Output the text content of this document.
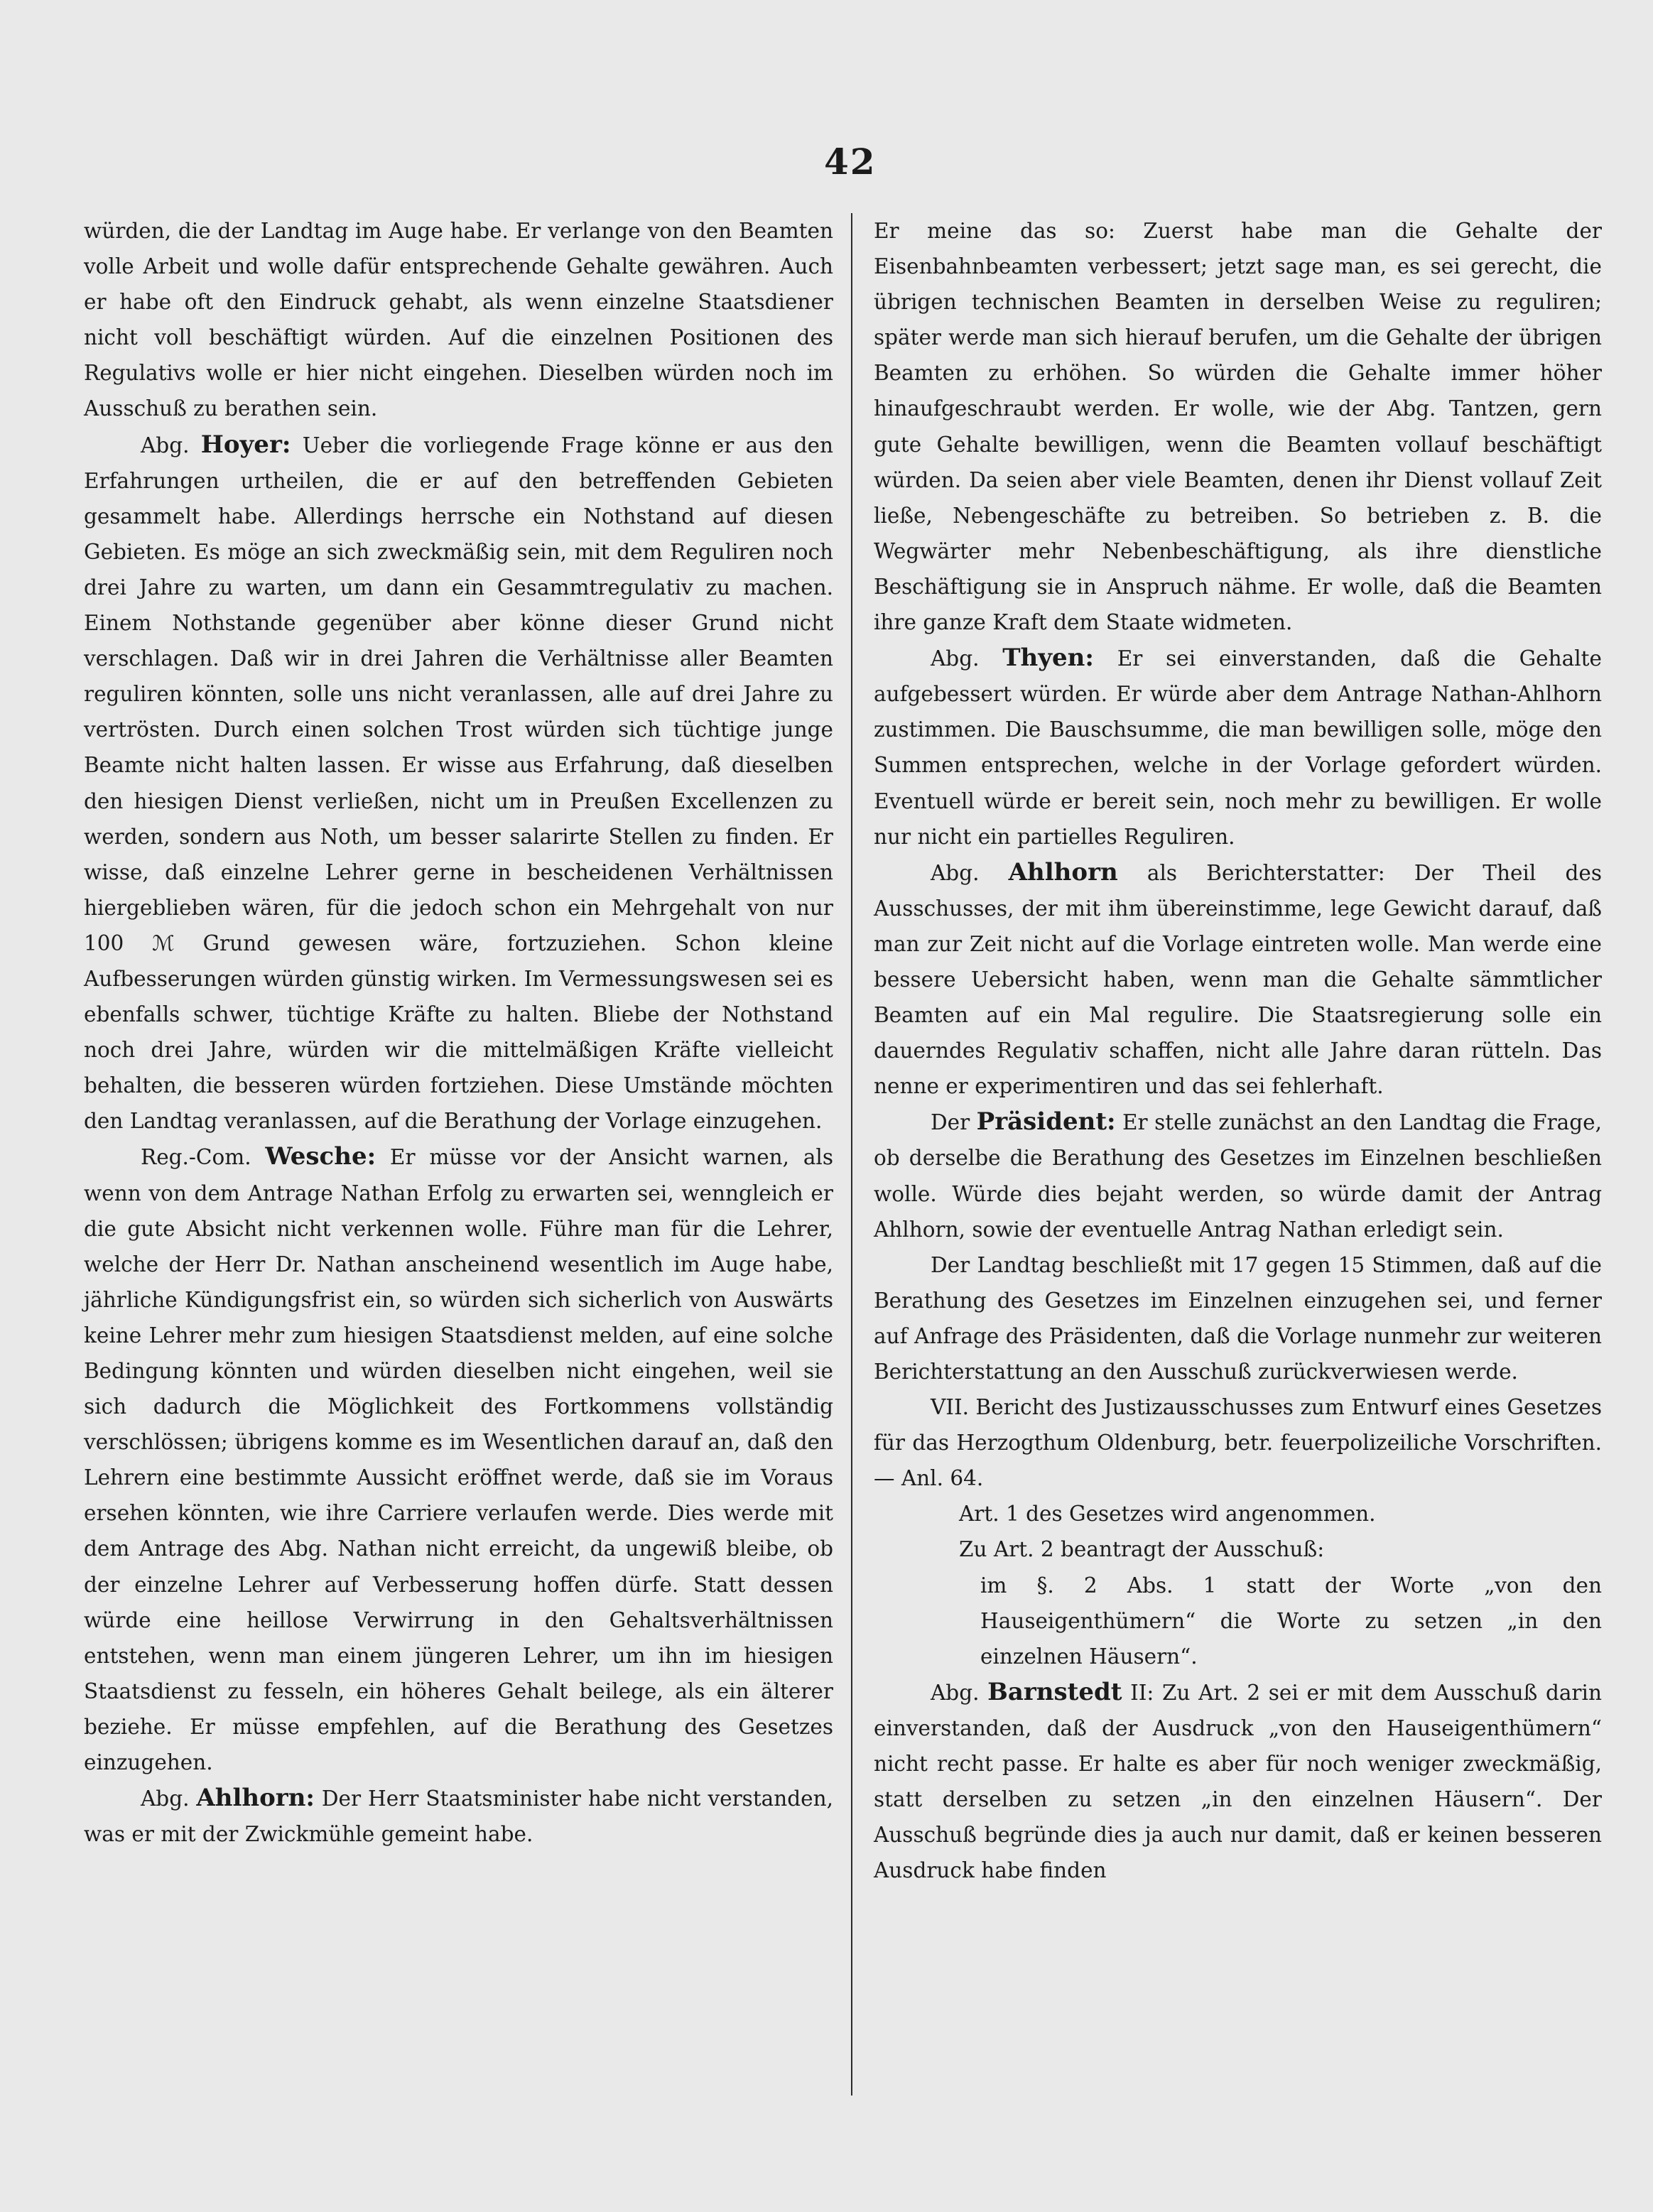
42

würden, die der Landtag im Auge habe. Er verlange von den Beamten volle Arbeit und wolle dafür entsprechende Gehalte gewähren. Auch er habe oft den Eindruck gehabt, als wenn einzelne Staatsdiener nicht voll beschäftigt würden. Auf die einzelnen Positionen des Regulativs wolle er hier nicht eingehen. Dieselben würden noch im Ausschuß zu berathen sein.

Abg. Hoyer: Ueber die vorliegende Frage könne er aus den Erfahrungen urtheilen, die er auf den betreffenden Gebieten gesammelt habe. Allerdings herrsche ein Nothstand auf diesen Gebieten. Es möge an sich zweckmäßig sein, mit dem Reguliren noch drei Jahre zu warten, um dann ein Gesammtregulativ zu machen. Einem Nothstande gegenüber aber könne dieser Grund nicht verschlagen. Daß wir in drei Jahren die Verhältnisse aller Beamten reguliren könnten, solle uns nicht veranlassen, alle auf drei Jahre zu vertrösten. Durch einen solchen Trost würden sich tüchtige junge Beamte nicht halten lassen. Er wisse aus Erfahrung, daß dieselben den hiesigen Dienst verließen, nicht um in Preußen Excellenzen zu werden, sondern aus Noth, um besser salarirte Stellen zu finden. Er wisse, daß einzelne Lehrer gerne in bescheidenen Verhältnissen hiergeblieben wären, für die jedoch schon ein Mehrgehalt von nur 100 ℳ Grund gewesen wäre, fortzuziehen. Schon kleine Aufbesserungen würden günstig wirken. Im Vermessungswesen sei es ebenfalls schwer, tüchtige Kräfte zu halten. Bliebe der Nothstand noch drei Jahre, würden wir die mittelmäßigen Kräfte vielleicht behalten, die besseren würden fortziehen. Diese Umstände möchten den Landtag veranlassen, auf die Berathung der Vorlage einzugehen.

Reg.-Com. Wesche: Er müsse vor der Ansicht warnen, als wenn von dem Antrage Nathan Erfolg zu erwarten sei, wenngleich er die gute Absicht nicht verkennen wolle. Führe man für die Lehrer, welche der Herr Dr. Nathan anscheinend wesentlich im Auge habe, jährliche Kündigungsfrist ein, so würden sich sicherlich von Auswärts keine Lehrer mehr zum hiesigen Staatsdienst melden, auf eine solche Bedingung könnten und würden dieselben nicht eingehen, weil sie sich dadurch die Möglichkeit des Fortkommens vollständig verschlössen; übrigens komme es im Wesentlichen darauf an, daß den Lehrern eine bestimmte Aussicht eröffnet werde, daß sie im Voraus ersehen könnten, wie ihre Carriere verlaufen werde. Dies werde mit dem Antrage des Abg. Nathan nicht erreicht, da ungewiß bleibe, ob der einzelne Lehrer auf Verbesserung hoffen dürfe. Statt dessen würde eine heillose Verwirrung in den Gehaltsverhältnissen entstehen, wenn man einem jüngeren Lehrer, um ihn im hiesigen Staatsdienst zu fesseln, ein höheres Gehalt beilege, als ein älterer beziehe. Er müsse empfehlen, auf die Berathung des Gesetzes einzugehen.

Abg. Ahlhorn: Der Herr Staatsminister habe nicht verstanden, was er mit der Zwickmühle gemeint habe.

Er meine das so: Zuerst habe man die Gehalte der Eisenbahnbeamten verbessert; jetzt sage man, es sei gerecht, die übrigen technischen Beamten in derselben Weise zu reguliren; später werde man sich hierauf berufen, um die Gehalte der übrigen Beamten zu erhöhen. So würden die Gehalte immer höher hinaufgeschraubt werden. Er wolle, wie der Abg. Tantzen, gern gute Gehalte bewilligen, wenn die Beamten vollauf beschäftigt würden. Da seien aber viele Beamten, denen ihr Dienst vollauf Zeit ließe, Nebengeschäfte zu betreiben. So betrieben z. B. die Wegwärter mehr Nebenbeschäftigung, als ihre dienstliche Beschäftigung sie in Anspruch nähme. Er wolle, daß die Beamten ihre ganze Kraft dem Staate widmeten.

Abg. Thyen: Er sei einverstanden, daß die Gehalte aufgebessert würden. Er würde aber dem Antrage Nathan-Ahlhorn zustimmen. Die Bauschsumme, die man bewilligen solle, möge den Summen entsprechen, welche in der Vorlage gefordert würden. Eventuell würde er bereit sein, noch mehr zu bewilligen. Er wolle nur nicht ein partielles Reguliren.

Abg. Ahlhorn als Berichterstatter: Der Theil des Ausschusses, der mit ihm übereinstimme, lege Gewicht darauf, daß man zur Zeit nicht auf die Vorlage eintreten wolle. Man werde eine bessere Uebersicht haben, wenn man die Gehalte sämmtlicher Beamten auf ein Mal regulire. Die Staatsregierung solle ein dauerndes Regulativ schaffen, nicht alle Jahre daran rütteln. Das nenne er experimentiren und das sei fehlerhaft.

Der Präsident: Er stelle zunächst an den Landtag die Frage, ob derselbe die Berathung des Gesetzes im Einzelnen beschließen wolle. Würde dies bejaht werden, so würde damit der Antrag Ahlhorn, sowie der eventuelle Antrag Nathan erledigt sein.

Der Landtag beschließt mit 17 gegen 15 Stimmen, daß auf die Berathung des Gesetzes im Einzelnen einzugehen sei, und ferner auf Anfrage des Präsidenten, daß die Vorlage nunmehr zur weiteren Berichterstattung an den Ausschuß zurückverwiesen werde.

VII. Bericht des Justizausschusses zum Entwurf eines Gesetzes für das Herzogthum Oldenburg, betr. feuerpolizeiliche Vorschriften. — Anl. 64.

Art. 1 des Gesetzes wird angenommen.

Zu Art. 2 beantragt der Ausschuß:

im §. 2 Abs. 1 statt der Worte „von den Hauseigenthümern“ die Worte zu setzen „in den einzelnen Häusern“.

Abg. Barnstedt II: Zu Art. 2 sei er mit dem Ausschuß darin einverstanden, daß der Ausdruck „von den Hauseigenthümern“ nicht recht passe. Er halte es aber für noch weniger zweckmäßig, statt derselben zu setzen „in den einzelnen Häusern“. Der Ausschuß begründe dies ja auch nur damit, daß er keinen besseren Ausdruck habe finden
